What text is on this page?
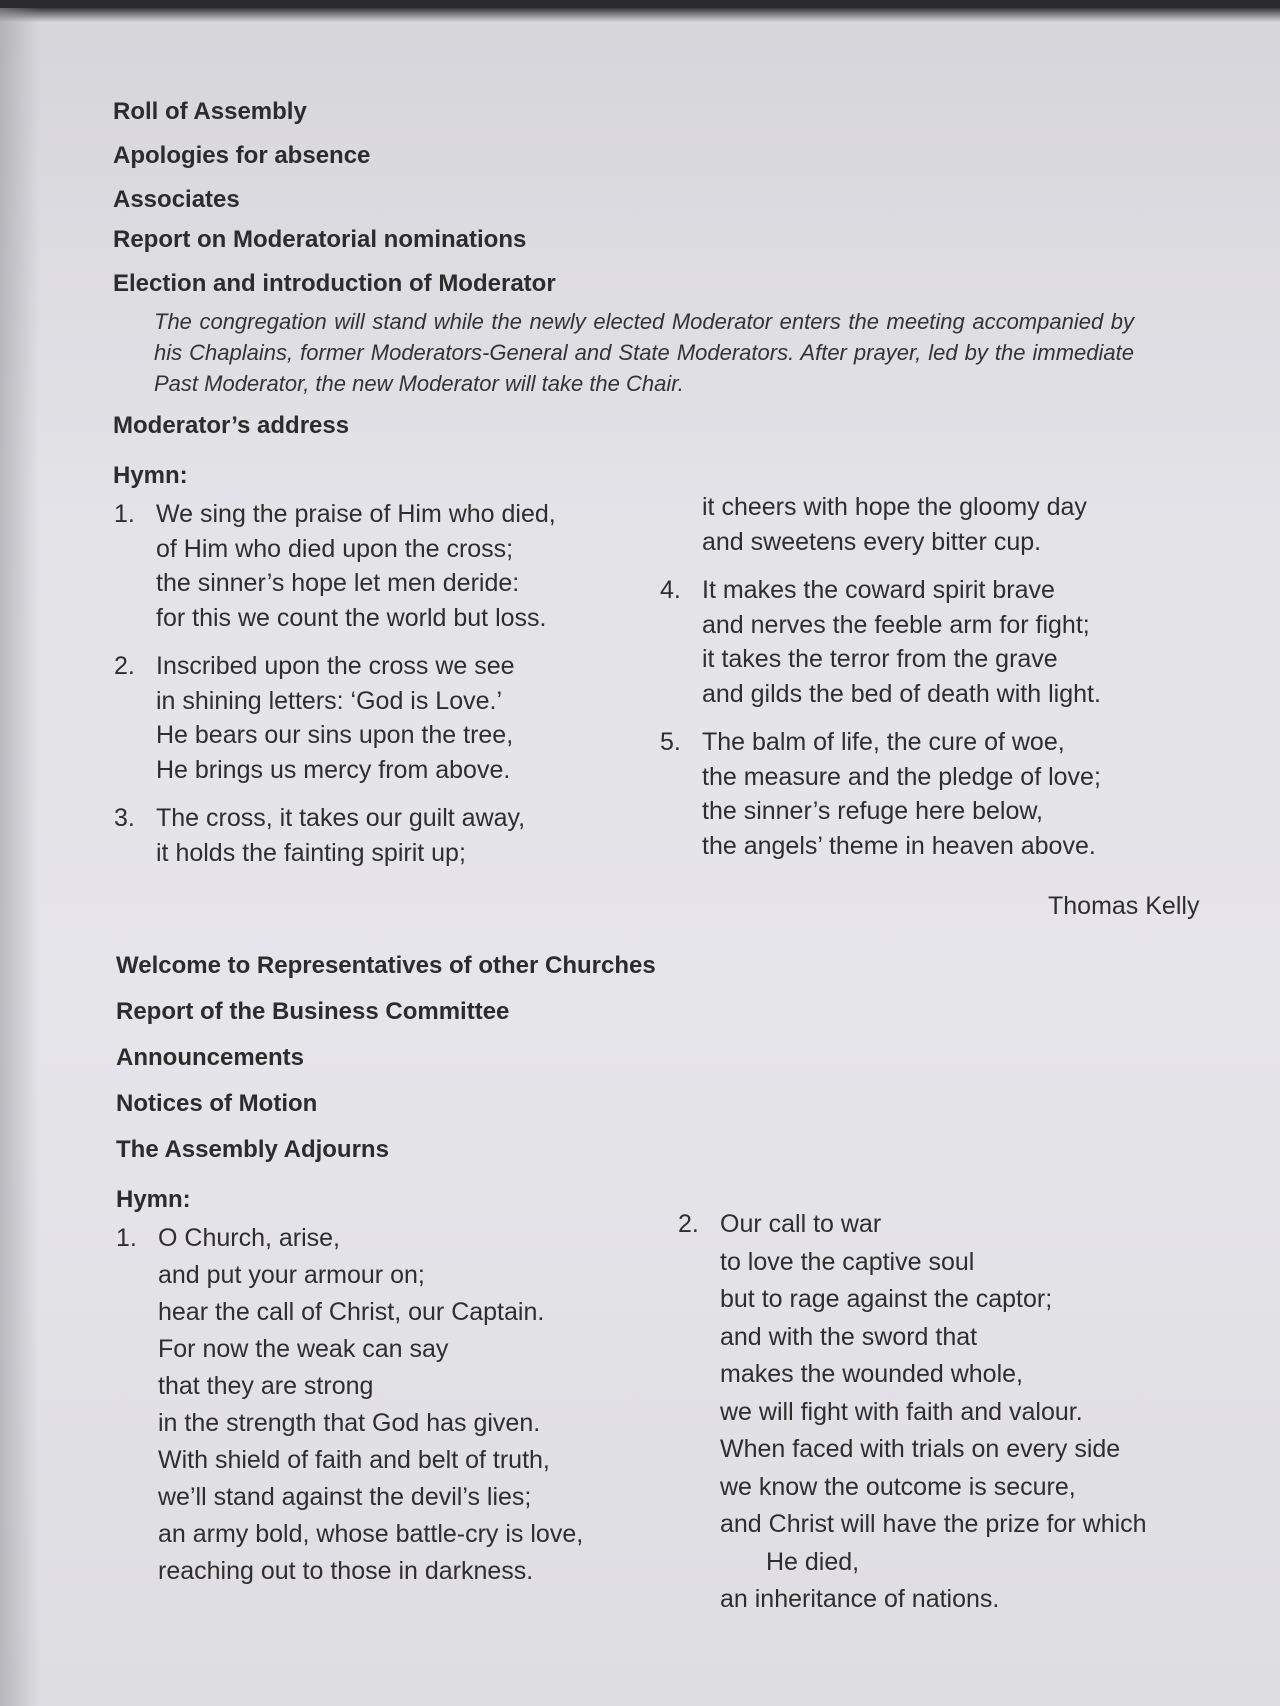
Roll of Assembly
Apologies for absence
Associates
Report on Moderatorial nominations
Election and introduction of Moderator
The congregation will stand while the newly elected Moderator enters the meeting accompanied by his Chaplains, former Moderators-General and State Moderators. After prayer, led by the immediate Past Moderator, the new Moderator will take the Chair.
Moderator’s address
Hymn:
1. We sing the praise of Him who died,
of Him who died upon the cross;
the sinner’s hope let men deride:
for this we count the world but loss.
2. Inscribed upon the cross we see
in shining letters: ‘God is Love.’
He bears our sins upon the tree,
He brings us mercy from above.
3. The cross, it takes our guilt away,
it holds the fainting spirit up;
it cheers with hope the gloomy day
and sweetens every bitter cup.
4. It makes the coward spirit brave
and nerves the feeble arm for fight;
it takes the terror from the grave
and gilds the bed of death with light.
5. The balm of life, the cure of woe,
the measure and the pledge of love;
the sinner’s refuge here below,
the angels’ theme in heaven above.
Thomas Kelly
Welcome to Representatives of other Churches
Report of the Business Committee
Announcements
Notices of Motion
The Assembly Adjourns
Hymn:
1. O Church, arise,
and put your armour on;
hear the call of Christ, our Captain.
For now the weak can say
that they are strong
in the strength that God has given.
With shield of faith and belt of truth,
we’ll stand against the devil’s lies;
an army bold, whose battle-cry is love,
reaching out to those in darkness.
2. Our call to war
to love the captive soul
but to rage against the captor;
and with the sword that
makes the wounded whole,
we will fight with faith and valour.
When faced with trials on every side
we know the outcome is secure,
and Christ will have the prize for which
He died,
an inheritance of nations.
